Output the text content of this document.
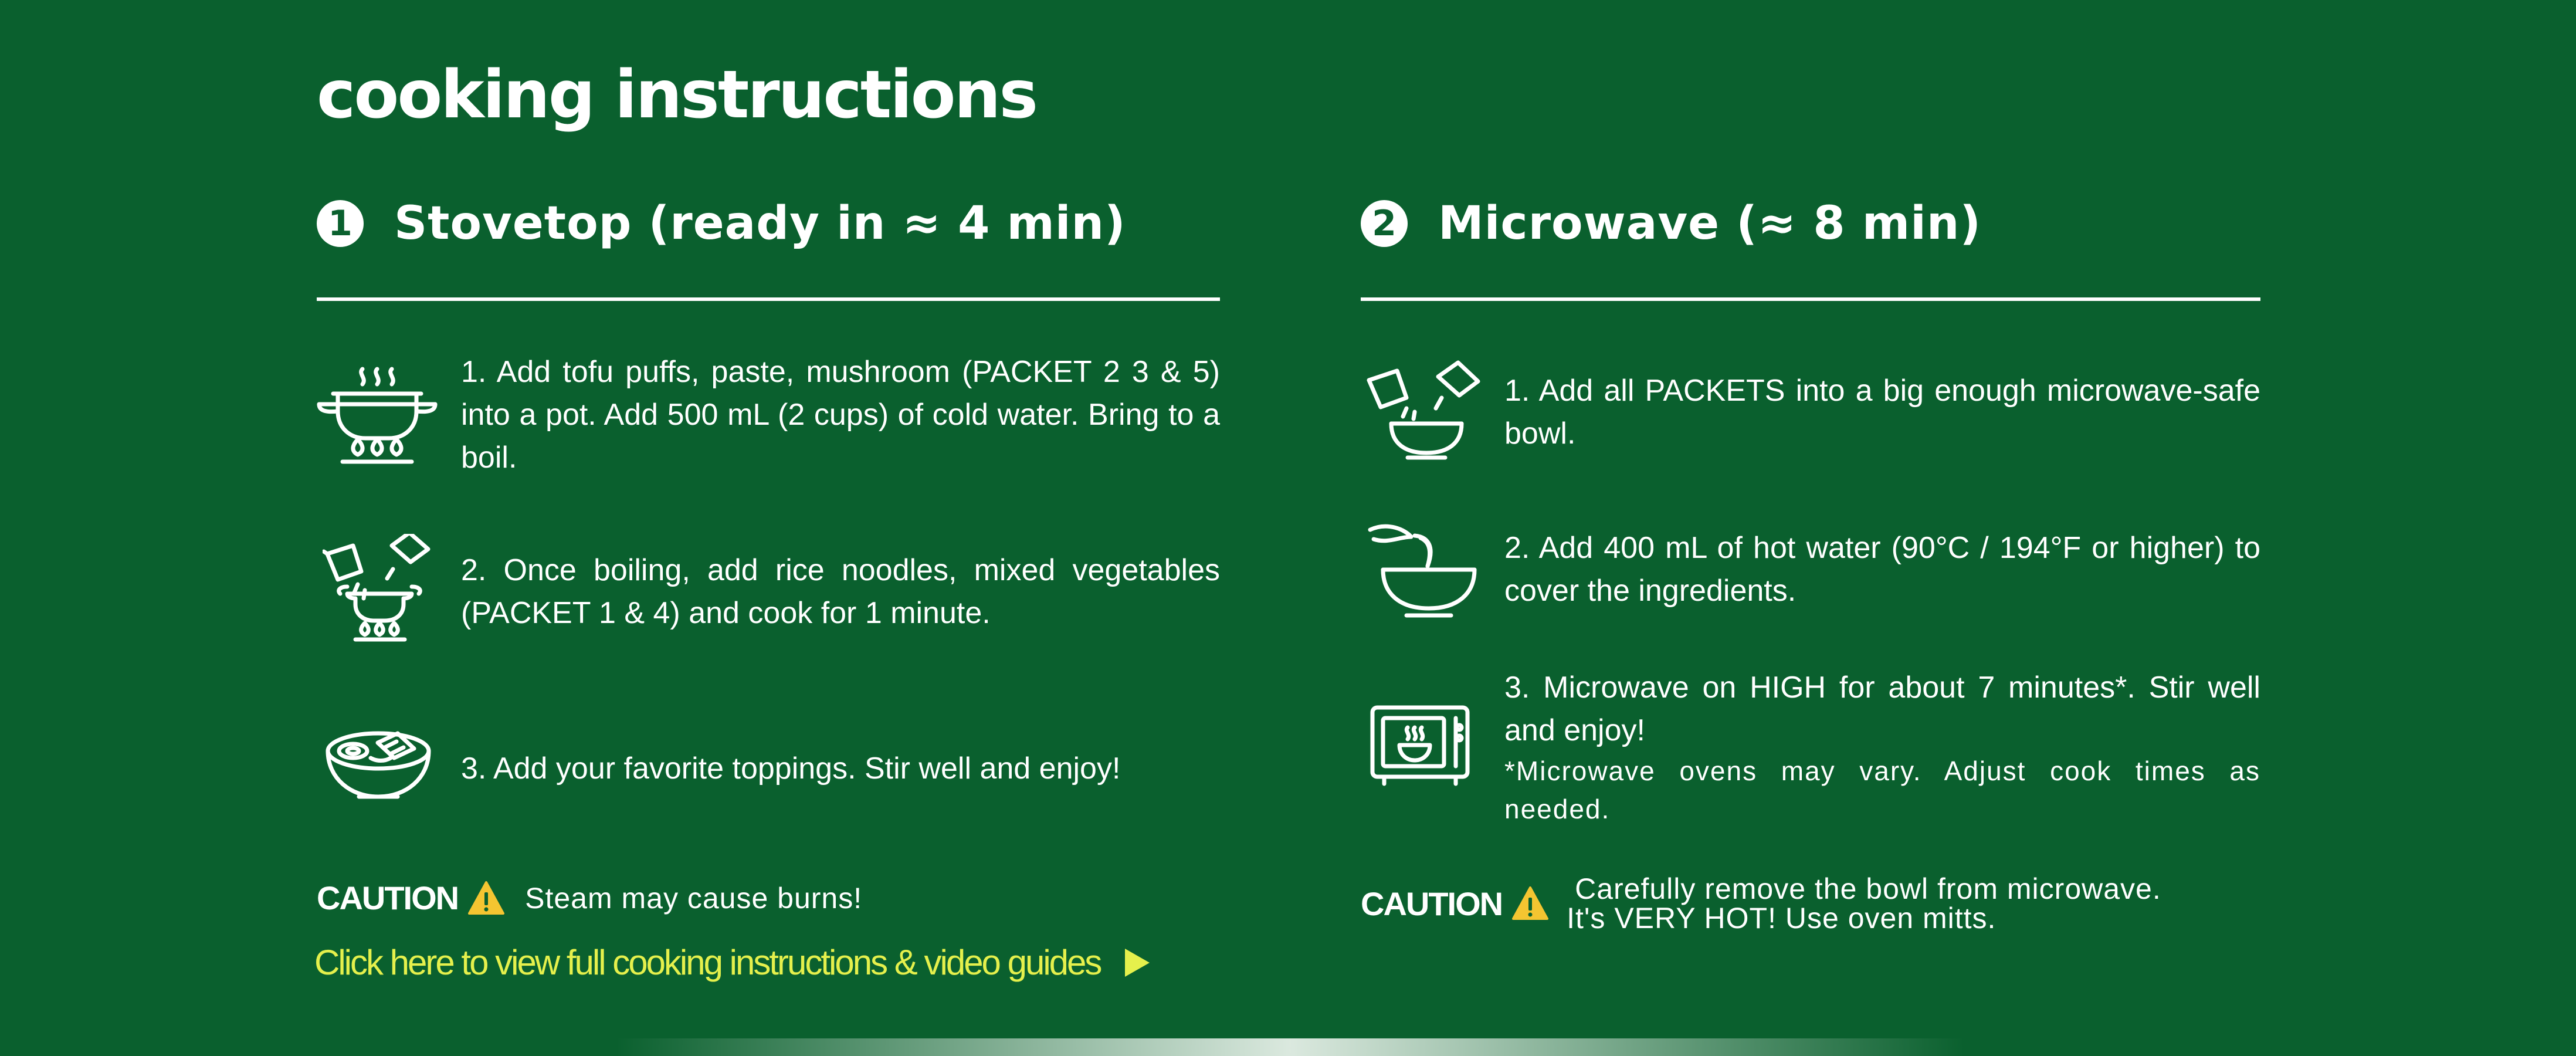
cooking instructions
1 Stovetop (ready in ≈ 4 min)
1. Add tofu puffs, paste, mushroom (PACKET 2 3 & 5) into a pot. Add 500 mL (2 cups) of cold water. Bring to a boil.
2. Once boiling, add rice noodles, mixed vegetables (PACKET 1 & 4) and cook for 1 minute.
3. Add your favorite toppings. Stir well and enjoy!
CAUTION Steam may cause burns!
Click here to view full cooking instructions & video guides
2 Microwave (≈ 8 min)
1. Add all PACKETS into a big enough microwave-safe bowl.
2. Add 400 mL of hot water (90°C / 194°F or higher) to cover the ingredients.
3. Microwave on HIGH for about 7 minutes*. Stir well and enjoy!
*Microwave ovens may vary. Adjust cook times as needed.
CAUTION Carefully remove the bowl from microwave.
It's VERY HOT! Use oven mitts.
